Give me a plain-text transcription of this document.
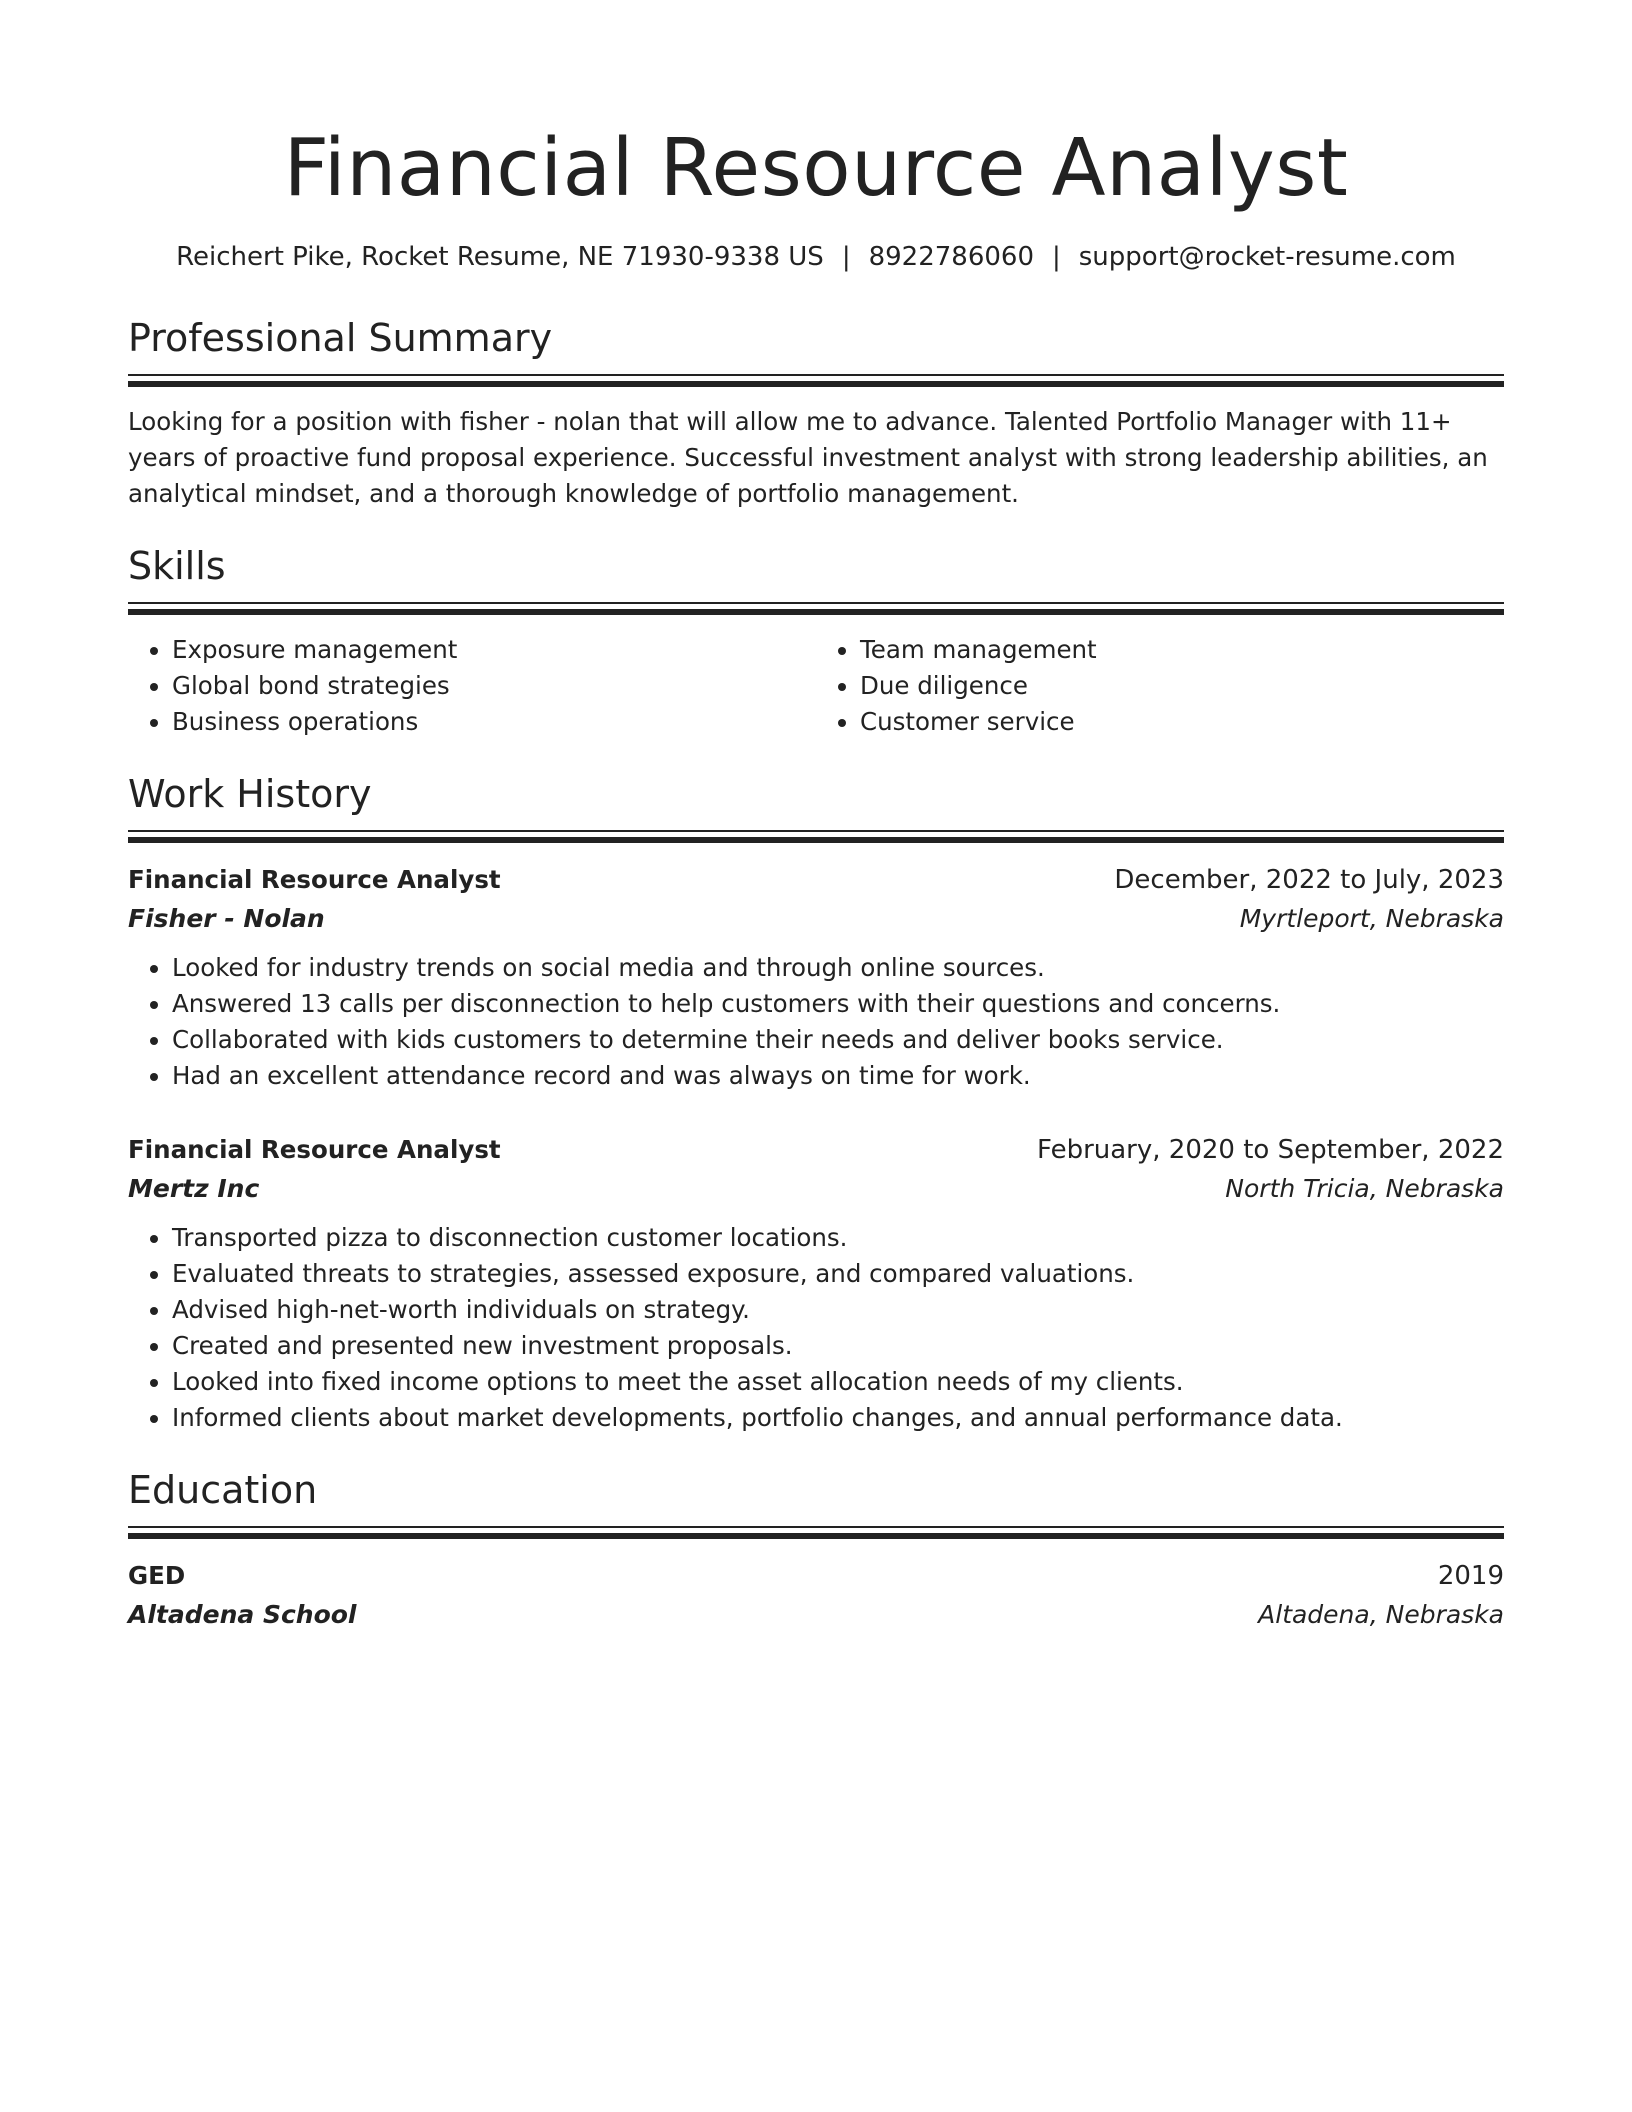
Financial Resource Analyst
Reichert Pike, Rocket Resume, NE 71930-9338 US | 8922786060 | support@rocket-resume.com
Professional Summary
Looking for a position with fisher - nolan that will allow me to advance. Talented Portfolio Manager with 11+ years of proactive fund proposal experience. Successful investment analyst with strong leadership abilities, an analytical mindset, and a thorough knowledge of portfolio management.
Skills
• Exposure management
• Global bond strategies
• Business operations
• Team management
• Due diligence
• Customer service
Work History
Financial Resource Analyst	December, 2022 to July, 2023
Fisher - Nolan	Myrtleport, Nebraska
• Looked for industry trends on social media and through online sources.
• Answered 13 calls per disconnection to help customers with their questions and concerns.
• Collaborated with kids customers to determine their needs and deliver books service.
• Had an excellent attendance record and was always on time for work.
Financial Resource Analyst	February, 2020 to September, 2022
Mertz Inc	North Tricia, Nebraska
• Transported pizza to disconnection customer locations.
• Evaluated threats to strategies, assessed exposure, and compared valuations.
• Advised high-net-worth individuals on strategy.
• Created and presented new investment proposals.
• Looked into fixed income options to meet the asset allocation needs of my clients.
• Informed clients about market developments, portfolio changes, and annual performance data.
Education
GED	2019
Altadena School	Altadena, Nebraska
